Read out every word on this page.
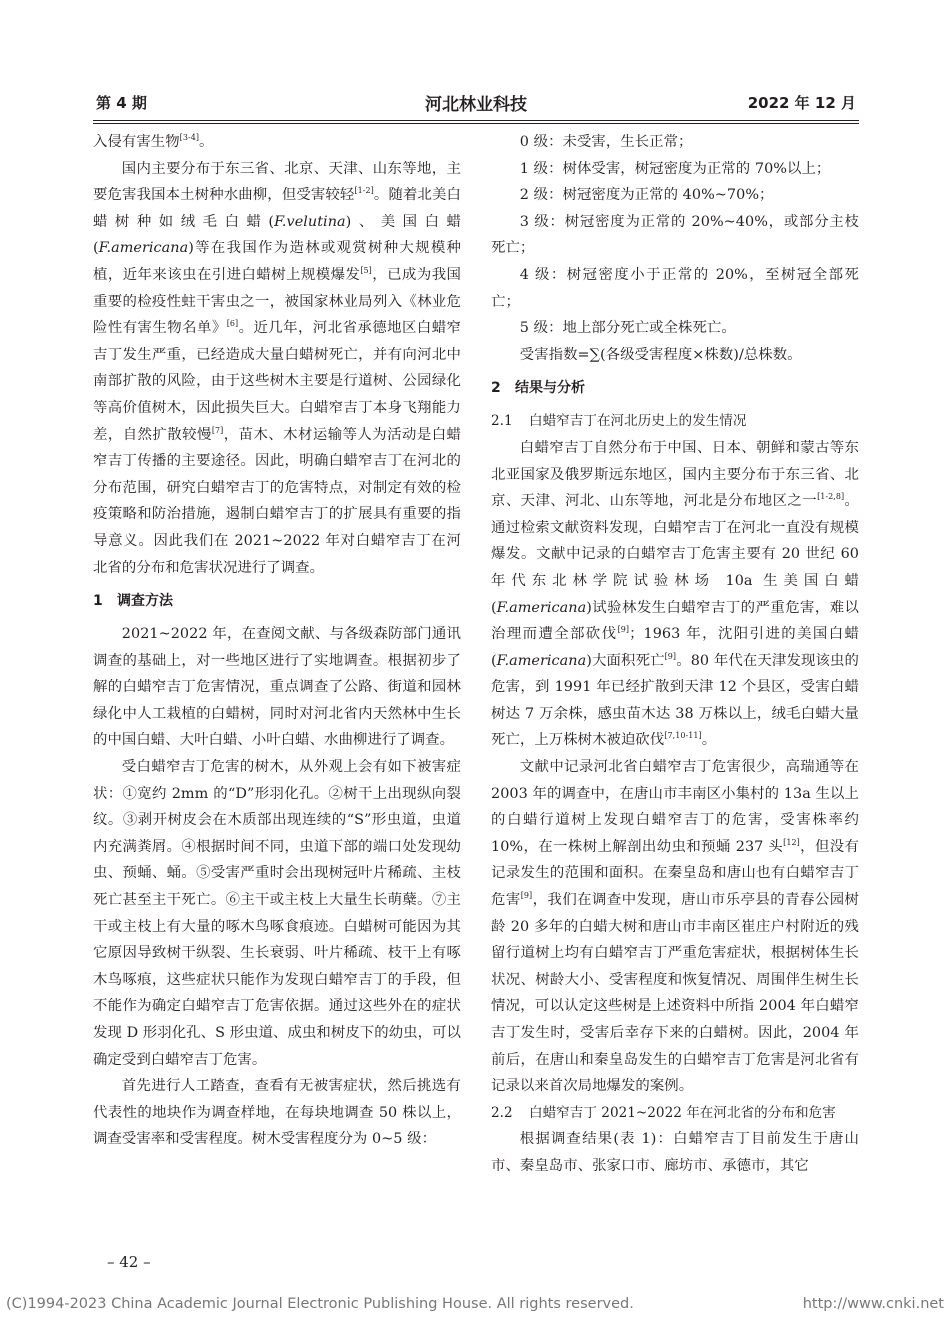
第 4 期	河北林业科技	2022 年 12 月

入侵有害生物[3-4]。

国内主要分布于东三省、北京、天津、山东等地，主要危害我国本土树种水曲柳，但受害较轻[1-2]。随着北美白蜡树种如绒毛白蜡(F.velutina)、美国白蜡(F.americana)等在我国作为造林或观赏树种大规模种植，近年来该虫在引进白蜡树上规模爆发[5]，已成为我国重要的检疫性蛀干害虫之一，被国家林业局列入《林业危险性有害生物名单》[6]。近几年，河北省承德地区白蜡窄吉丁发生严重，已经造成大量白蜡树死亡，并有向河北中南部扩散的风险，由于这些树木主要是行道树、公园绿化等高价值树木，因此损失巨大。白蜡窄吉丁本身飞翔能力差，自然扩散较慢[7]，苗木、木材运输等人为活动是白蜡窄吉丁传播的主要途径。因此，明确白蜡窄吉丁在河北的分布范围，研究白蜡窄吉丁的危害特点，对制定有效的检疫策略和防治措施，遏制白蜡窄吉丁的扩展具有重要的指导意义。因此我们在 2021~2022 年对白蜡窄吉丁在河北省的分布和危害状况进行了调查。

1 调查方法

2021~2022 年，在查阅文献、与各级森防部门通讯调查的基础上，对一些地区进行了实地调查。根据初步了解的白蜡窄吉丁危害情况，重点调查了公路、街道和园林绿化中人工栽植的白蜡树，同时对河北省内天然林中生长的中国白蜡、大叶白蜡、小叶白蜡、水曲柳进行了调查。

受白蜡窄吉丁危害的树木，从外观上会有如下被害症状：①宽约 2mm 的“D”形羽化孔。②树干上出现纵向裂纹。③剥开树皮会在木质部出现连续的“S”形虫道，虫道内充满粪屑。④根据时间不同，虫道下部的端口处发现幼虫、预蛹、蛹。⑤受害严重时会出现树冠叶片稀疏、主枝死亡甚至主干死亡。⑥主干或主枝上大量生长萌蘖。⑦主干或主枝上有大量的啄木鸟啄食痕迹。白蜡树可能因为其它原因导致树干纵裂、生长衰弱、叶片稀疏、枝干上有啄木鸟啄痕，这些症状只能作为发现白蜡窄吉丁的手段，但不能作为确定白蜡窄吉丁危害依据。通过这些外在的症状发现 D 形羽化孔、S 形虫道、成虫和树皮下的幼虫，可以确定受到白蜡窄吉丁危害。

首先进行人工踏查，查看有无被害症状，然后挑选有代表性的地块作为调查样地，在每块地调查 50 株以上，调查受害率和受害程度。树木受害程度分为 0~5 级：

0 级：未受害，生长正常；

1 级：树体受害，树冠密度为正常的 70%以上；

2 级：树冠密度为正常的 40%~70%；

3 级：树冠密度为正常的 20%~40%，或部分主枝死亡；

4 级：树冠密度小于正常的 20%，至树冠全部死亡；

5 级：地上部分死亡或全株死亡。

受害指数=∑(各级受害程度×株数)/总株数。

2 结果与分析
2.1 白蜡窄吉丁在河北历史上的发生情况

白蜡窄吉丁自然分布于中国、日本、朝鲜和蒙古等东北亚国家及俄罗斯远东地区，国内主要分布于东三省、北京、天津、河北、山东等地，河北是分布地区之一[1-2,8]。通过检索文献资料发现，白蜡窄吉丁在河北一直没有规模爆发。文献中记录的白蜡窄吉丁危害主要有 20 世纪 60 年代东北林学院试验林场 10a 生美国白蜡(F.americana)试验林发生白蜡窄吉丁的严重危害，难以治理而遭全部砍伐[9]；1963 年，沈阳引进的美国白蜡(F.americana)大面积死亡[9]。80 年代在天津发现该虫的危害，到 1991 年已经扩散到天津 12 个县区，受害白蜡树达 7 万余株，感虫苗木达 38 万株以上，绒毛白蜡大量死亡，上万株树木被迫砍伐[7,10-11]。

文献中记录河北省白蜡窄吉丁危害很少，高瑞通等在 2003 年的调查中，在唐山市丰南区小集村的 13a 生以上的白蜡行道树上发现白蜡窄吉丁的危害，受害株率约10%，在一株树上解剖出幼虫和预蛹 237 头[12]，但没有记录发生的范围和面积。在秦皇岛和唐山也有白蜡窄吉丁危害[9]，我们在调查中发现，唐山市乐亭县的青春公园树龄 20 多年的白蜡大树和唐山市丰南区崔庄户村附近的残留行道树上均有白蜡窄吉丁严重危害症状，根据树体生长状况、树龄大小、受害程度和恢复情况、周围伴生树生长情况，可以认定这些树是上述资料中所指 2004 年白蜡窄吉丁发生时，受害后幸存下来的白蜡树。因此，2004 年前后，在唐山和秦皇岛发生的白蜡窄吉丁危害是河北省有记录以来首次局地爆发的案例。

2.2 白蜡窄吉丁 2021~2022 年在河北省的分布和危害

根据调查结果(表 1)：白蜡窄吉丁目前发生于唐山市、秦皇岛市、张家口市、廊坊市、承德市，其它

– 42 –
(C)1994-2023 China Academic Journal Electronic Publishing House. All rights reserved.	http://www.cnki.net
